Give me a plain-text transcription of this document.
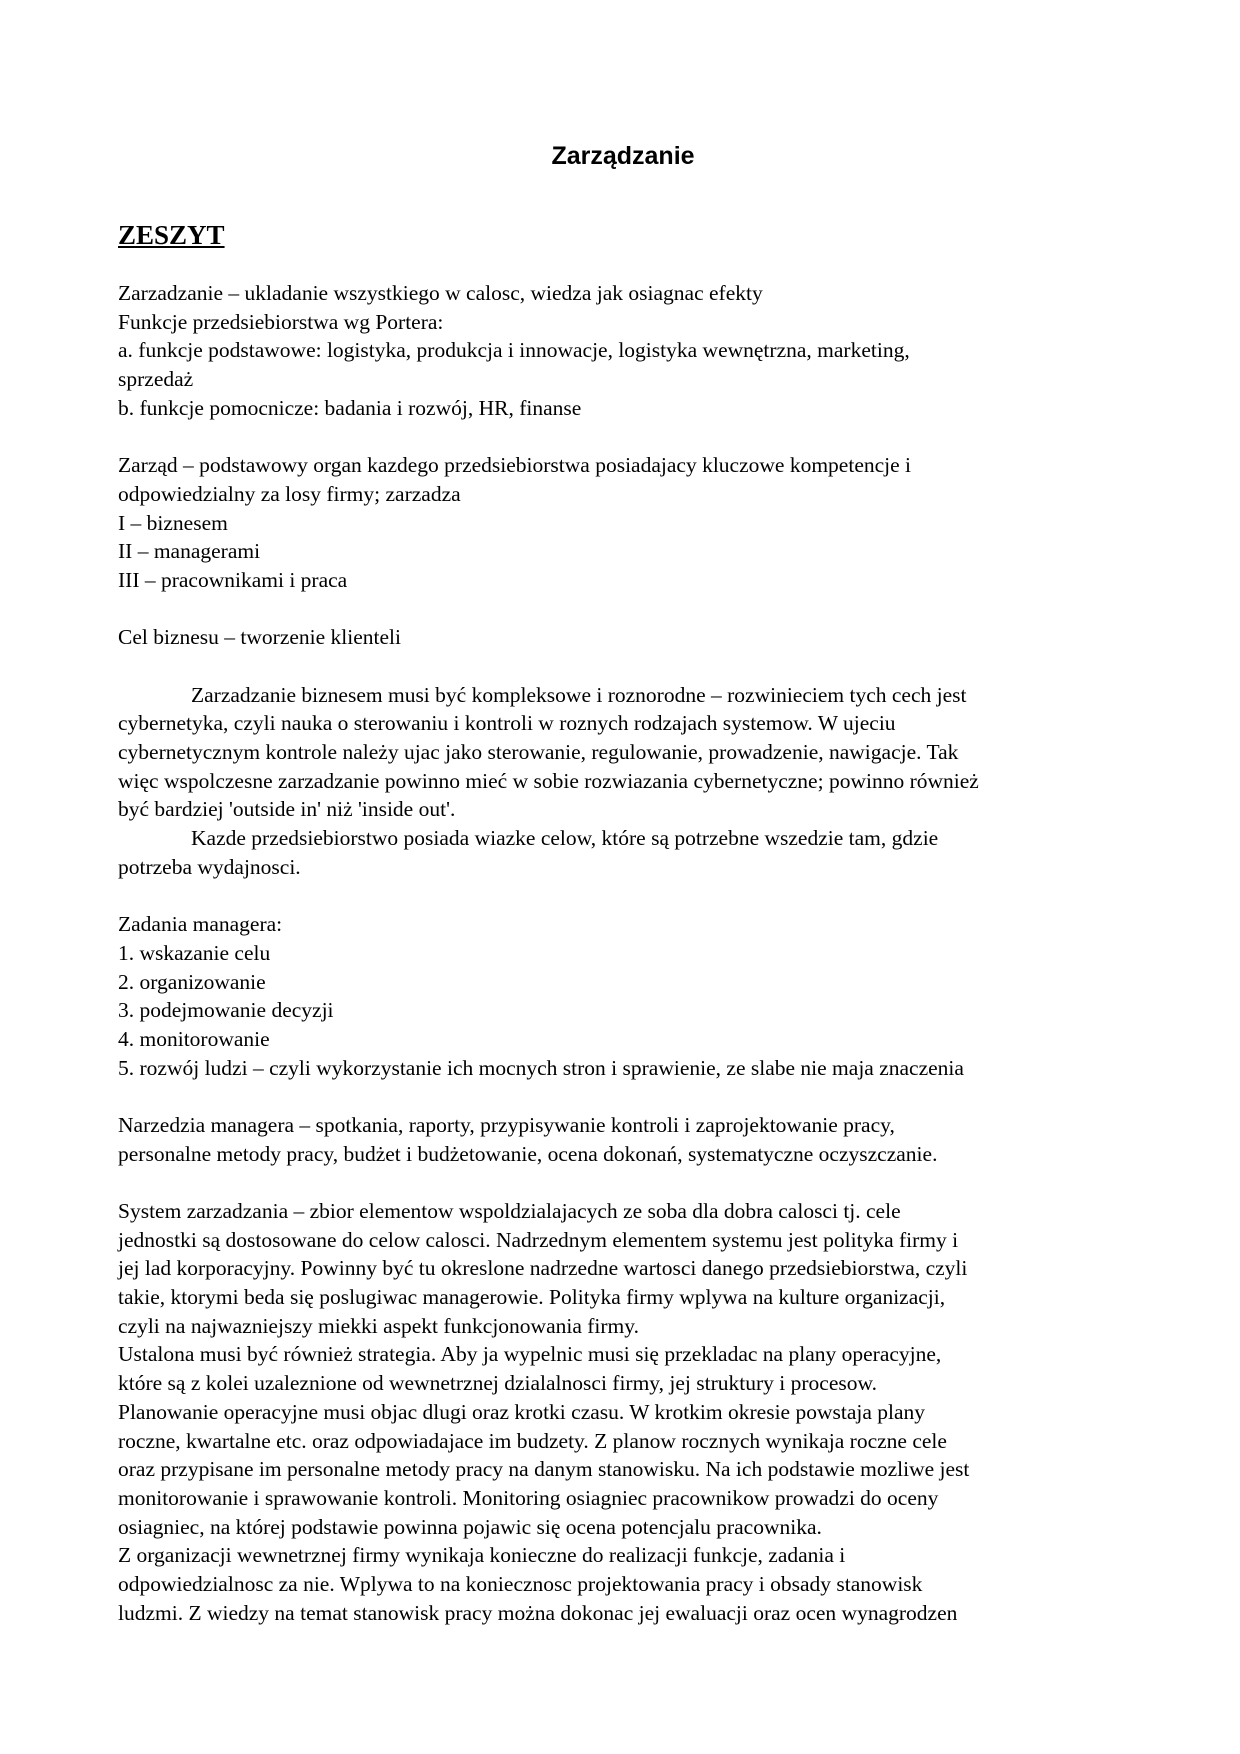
Zarządzanie
ZESZYT
Zarzadzanie – ukladanie wszystkiego w calosc, wiedza jak osiagnac efekty
Funkcje przedsiebiorstwa wg Portera:
a. funkcje podstawowe: logistyka, produkcja i innowacje, logistyka wewnętrzna, marketing,
sprzedaż
b. funkcje pomocnicze: badania i rozwój, HR, finanse
Zarząd – podstawowy organ kazdego przedsiebiorstwa posiadajacy kluczowe kompetencje i
odpowiedzialny za losy firmy; zarzadza
I – biznesem
II – managerami
III – pracownikami i praca
Cel biznesu – tworzenie klienteli
Zarzadzanie biznesem musi być kompleksowe i roznorodne – rozwinieciem tych cech jest
cybernetyka, czyli nauka o sterowaniu i kontroli w roznych rodzajach systemow. W ujeciu
cybernetycznym kontrole należy ujac jako sterowanie, regulowanie, prowadzenie, nawigacje. Tak
więc wspolczesne zarzadzanie powinno mieć w sobie rozwiazania cybernetyczne; powinno również
być bardziej 'outside in' niż 'inside out'.
Kazde przedsiebiorstwo posiada wiazke celow, które są potrzebne wszedzie tam, gdzie
potrzeba wydajnosci.
Zadania managera:
1. wskazanie celu
2. organizowanie
3. podejmowanie decyzji
4. monitorowanie
5. rozwój ludzi – czyli wykorzystanie ich mocnych stron i sprawienie, ze slabe nie maja znaczenia
Narzedzia managera – spotkania, raporty, przypisywanie kontroli i zaprojektowanie pracy,
personalne metody pracy, budżet i budżetowanie, ocena dokonań, systematyczne oczyszczanie.
System zarzadzania – zbior elementow wspoldzialajacych ze soba dla dobra calosci tj. cele
jednostki są dostosowane do celow calosci. Nadrzednym elementem systemu jest polityka firmy i
jej lad korporacyjny. Powinny być tu okreslone nadrzedne wartosci danego przedsiebiorstwa, czyli
takie, ktorymi beda się poslugiwac managerowie. Polityka firmy wplywa na kulture organizacji,
czyli na najwazniejszy miekki aspekt funkcjonowania firmy.
Ustalona musi być również strategia. Aby ja wypelnic musi się przekladac na plany operacyjne,
które są z kolei uzaleznione od wewnetrznej dzialalnosci firmy, jej struktury i procesow.
Planowanie operacyjne musi objac dlugi oraz krotki czasu. W krotkim okresie powstaja plany
roczne, kwartalne etc. oraz odpowiadajace im budzety. Z planow rocznych wynikaja roczne cele
oraz przypisane im personalne metody pracy na danym stanowisku. Na ich podstawie mozliwe jest
monitorowanie i sprawowanie kontroli. Monitoring osiagniec pracownikow prowadzi do oceny
osiagniec, na której podstawie powinna pojawic się ocena potencjalu pracownika.
Z organizacji wewnetrznej firmy wynikaja konieczne do realizacji funkcje, zadania i
odpowiedzialnosc za nie. Wplywa to na koniecznosc projektowania pracy i obsady stanowisk
ludzmi. Z wiedzy na temat stanowisk pracy można dokonac jej ewaluacji oraz ocen wynagrodzen
